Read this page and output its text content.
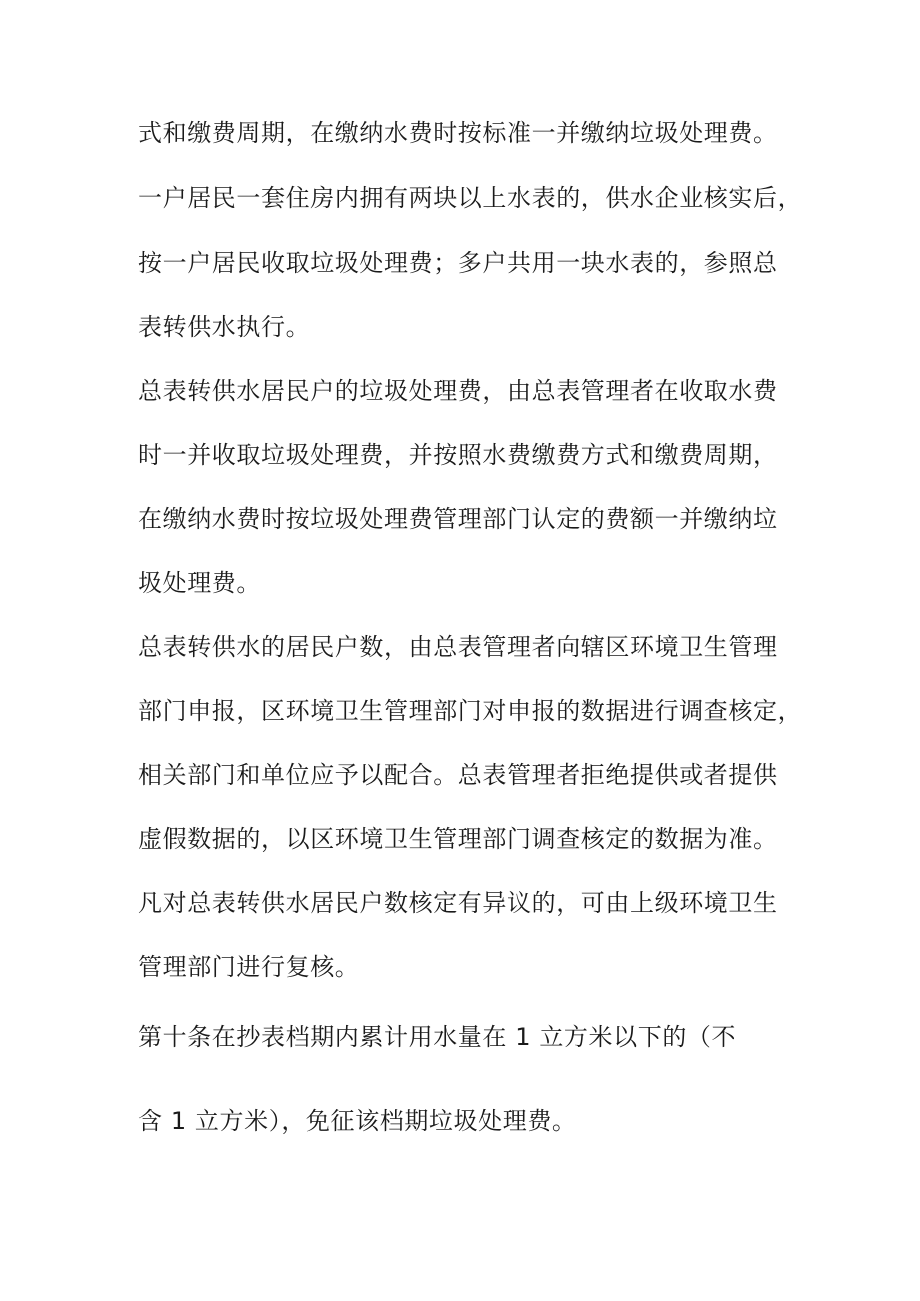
式和缴费周期，在缴纳水费时按标准一并缴纳垃圾处理费。
一户居民一套住房内拥有两块以上水表的，供水企业核实后，
按一户居民收取垃圾处理费；多户共用一块水表的，参照总
表转供水执行。
总表转供水居民户的垃圾处理费，由总表管理者在收取水费
时一并收取垃圾处理费，并按照水费缴费方式和缴费周期，
在缴纳水费时按垃圾处理费管理部门认定的费额一并缴纳垃
圾处理费。
总表转供水的居民户数，由总表管理者向辖区环境卫生管理
部门申报，区环境卫生管理部门对申报的数据进行调查核定，
相关部门和单位应予以配合。总表管理者拒绝提供或者提供
虚假数据的，以区环境卫生管理部门调查核定的数据为准。
凡对总表转供水居民户数核定有异议的，可由上级环境卫生
管理部门进行复核。
第十条在抄表档期内累计用水量在 1 立方米以下的（不
含 1 立方米），免征该档期垃圾处理费。
